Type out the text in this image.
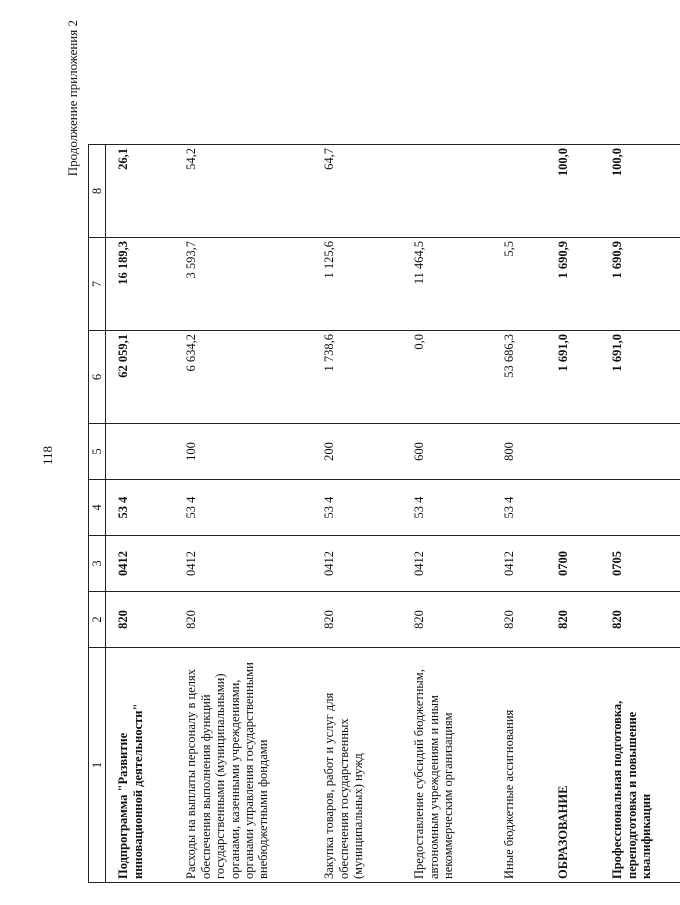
118
Продолжение приложения 2
1	2	3	4	5	6	7	8
Подпрограмма "Развитие инновационной деятельности"	820	0412	53 4		62 059,1	16 189,3	26,1
Расходы на выплаты персоналу в целях обеспечения выполнения функций государственными (муниципальными) органами, казенными учреждениями, органами управления государственными внебюджетными фондами	820	0412	53 4	100	6 634,2	3 593,7	54,2
Закупка товаров, работ и услуг для обеспечения государственных (муниципальных) нужд	820	0412	53 4	200	1 738,6	1 125,6	64,7
Предоставление субсидий бюджетным, автономным учреждениям и иным некоммерческим организациям	820	0412	53 4	600	0,0	11 464,5	
Иные бюджетные ассигнования	820	0412	53 4	800	53 686,3	5,5	
ОБРАЗОВАНИЕ	820	0700			1 691,0	1 690,9	100,0
Профессиональная подготовка, переподготовка и повышение квалификации	820	0705			1 691,0	1 690,9	100,0
